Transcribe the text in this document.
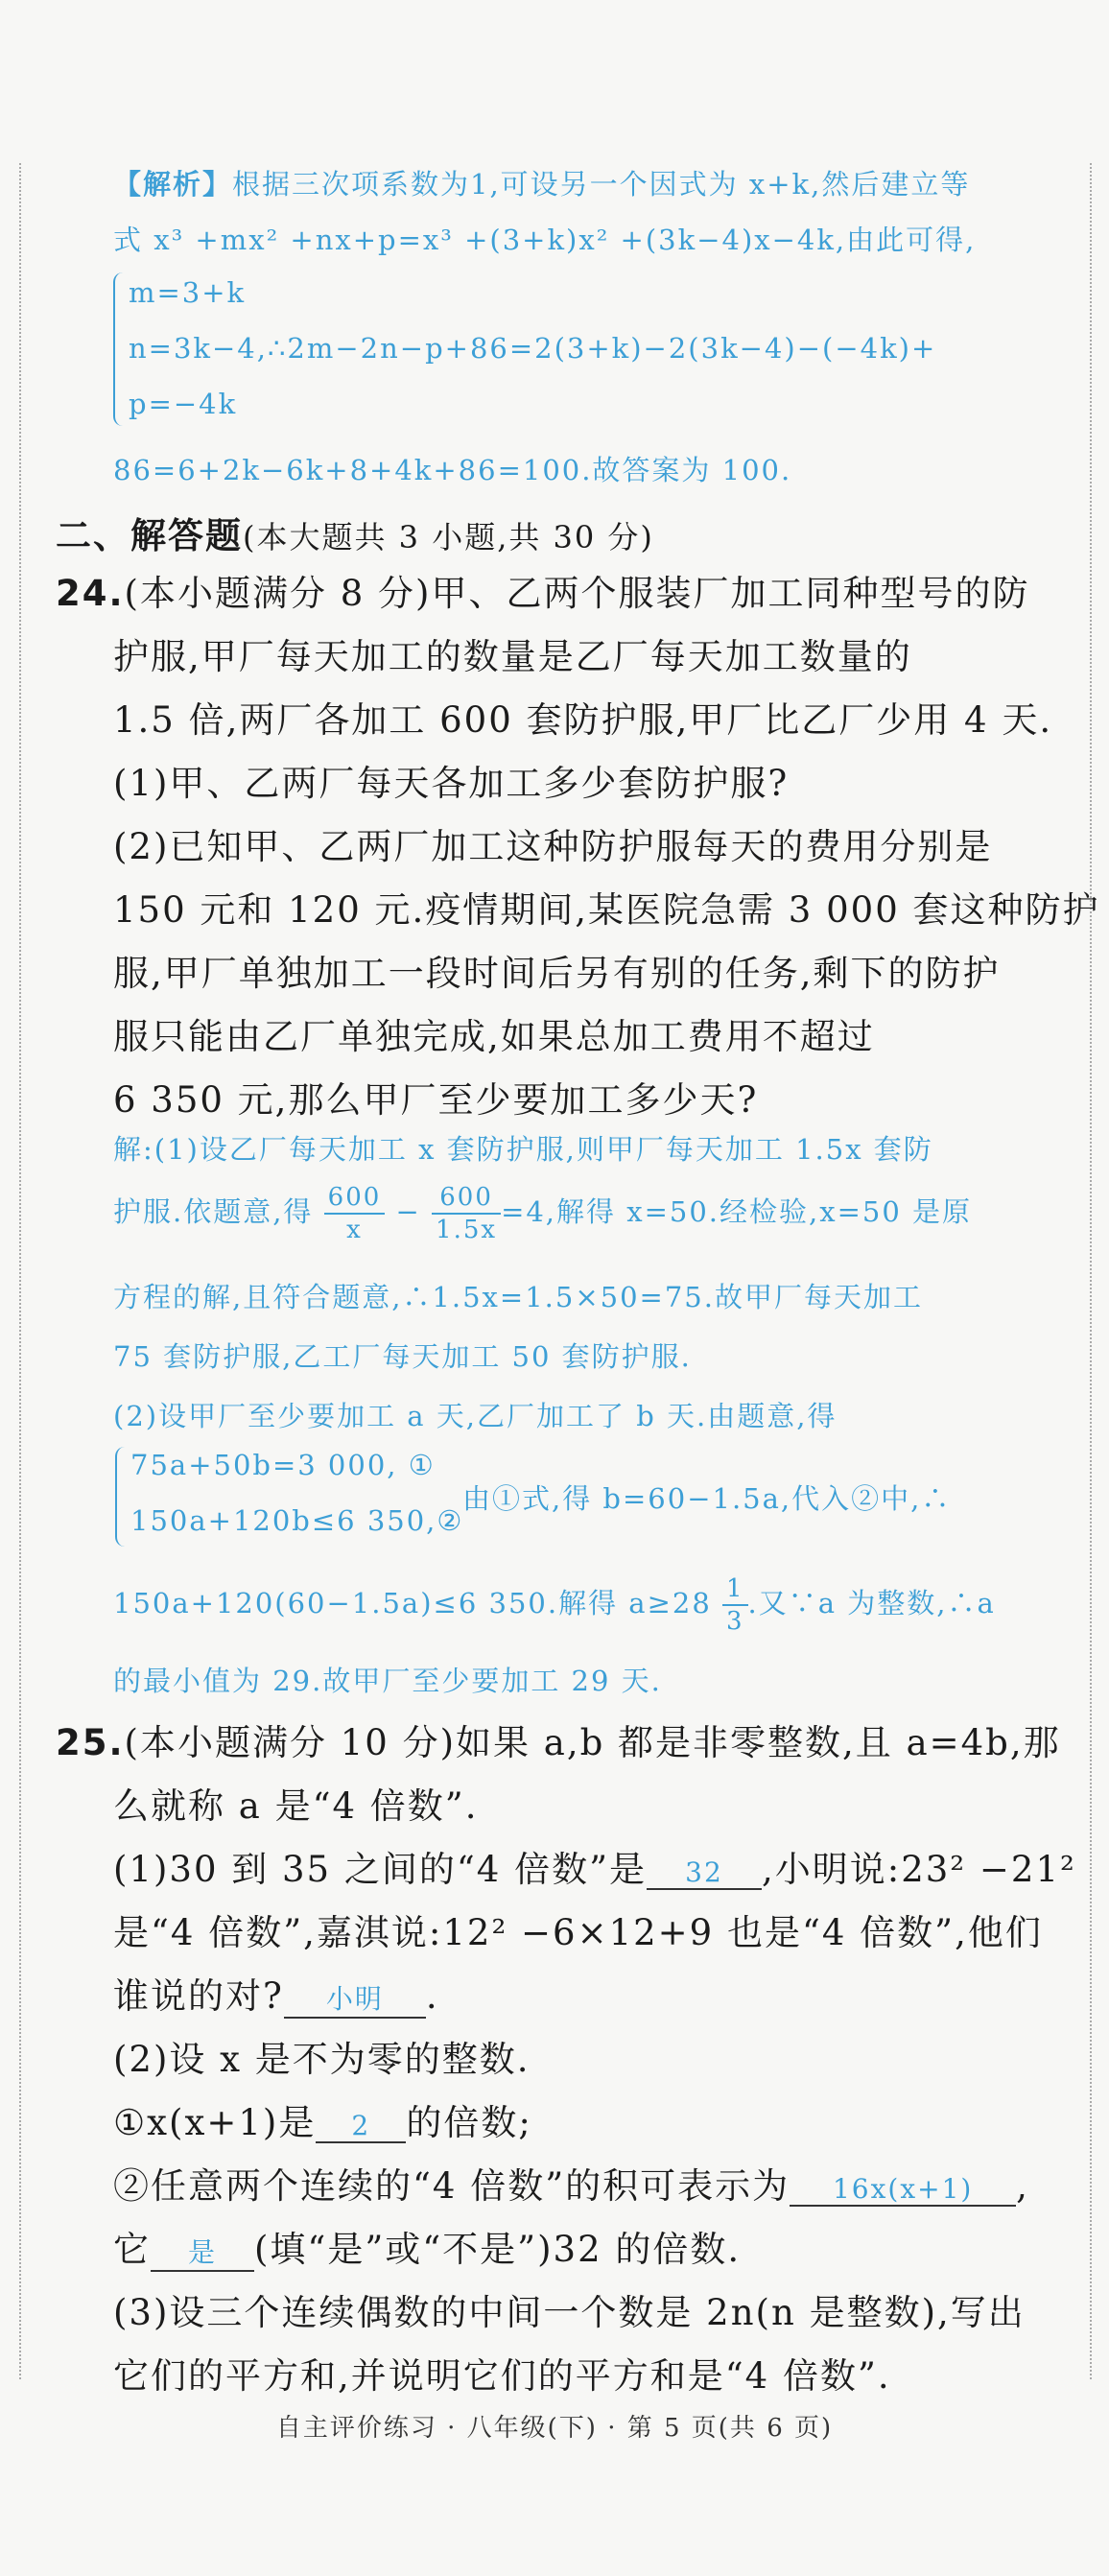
【解析】根据三次项系数为1,可设另一个因式为 x+k,然后建立等
式 x³ +mx² +nx+p=x³ +(3+k)x² +(3k−4)x−4k,由此可得,
m=3+k
n=3k−4,∴2m−2n−p+86=2(3+k)−2(3k−4)−(−4k)+
p=−4k
86=6+2k−6k+8+4k+86=100.故答案为 100.
二、解答题(本大题共 3 小题,共 30 分)
24.(本小题满分 8 分)甲、乙两个服装厂加工同种型号的防
护服,甲厂每天加工的数量是乙厂每天加工数量的
1.5 倍,两厂各加工 600 套防护服,甲厂比乙厂少用 4 天.
(1)甲、乙两厂每天各加工多少套防护服?
(2)已知甲、乙两厂加工这种防护服每天的费用分别是
150 元和 120 元.疫情期间,某医院急需 3 000 套这种防护
服,甲厂单独加工一段时间后另有别的任务,剩下的防护
服只能由乙厂单独完成,如果总加工费用不超过
6 350 元,那么甲厂至少要加工多少天?
解:(1)设乙厂每天加工 x 套防护服,则甲厂每天加工 1.5x 套防
护服.依题意,得 $\frac{600}{x} - \frac{600}{1.5x} =4$,解得 x=50.经检验,x=50 是原
方程的解,且符合题意,∴1.5x=1.5×50=75.故甲厂每天加工
75 套防护服,乙工厂每天加工 50 套防护服.
(2)设甲厂至少要加工 a 天,乙厂加工了 b 天.由题意,得
75a+50b=3 000, ①
150a+120b≤6 350,②
由①式,得 b=60−1.5a,代入②中,∴
150a+120(60−1.5a)≤6 350.解得 $a\ge 28 \frac{1}{3}$ .又∵a 为整数,∴a
的最小值为 29.故甲厂至少要加工 29 天.
25.(本小题满分 10 分)如果 a,b 都是非零整数,且 a=4b,那
么就称 a 是“4 倍数”.
(1)30 到 35 之间的“4 倍数”是 32 ,小明说:23² −21²
是“4 倍数”,嘉淇说:12² −6×12+9 也是“4 倍数”,他们
谁说的对? 小明 .
(2)设 x 是不为零的整数.
①x(x+1)是 2 的倍数;
②任意两个连续的“4 倍数”的积可表示为 16x(x+1) ,
它 是 (填“是”或“不是”)32 的倍数.
(3)设三个连续偶数的中间一个数是 2n(n 是整数),写出
它们的平方和,并说明它们的平方和是“4 倍数”.
自主评价练习 · 八年级(下) · 第 5 页(共 6 页)
